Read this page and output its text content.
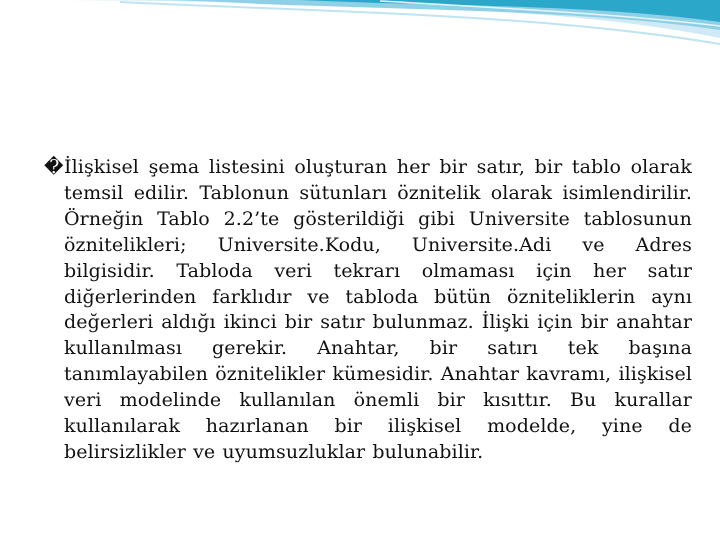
�İlişkisel şema listesini oluşturan her bir satır, bir tablo olarak temsil edilir. Tablonun sütunları öznitelik olarak isimlendirilir. Örneğin Tablo 2.2’te gösterildiği gibi Universite tablosunun öznitelikleri; Universite.Kodu, Universite.Adi ve Adres bilgisidir. Tabloda veri tekrarı olmaması için her satır diğerlerinden farklıdır ve tabloda bütün özniteliklerin aynı değerleri aldığı ikinci bir satır bulunmaz. İlişki için bir anahtar kullanılması gerekir. Anahtar, bir satırı tek başına tanımlayabilen öznitelikler kümesidir. Anahtar kavramı, ilişkisel veri modelinde kullanılan önemli bir kısıttır. Bu kurallar kullanılarak hazırlanan bir ilişkisel modelde, yine de belirsizlikler ve uyumsuzluklar bulunabilir.
